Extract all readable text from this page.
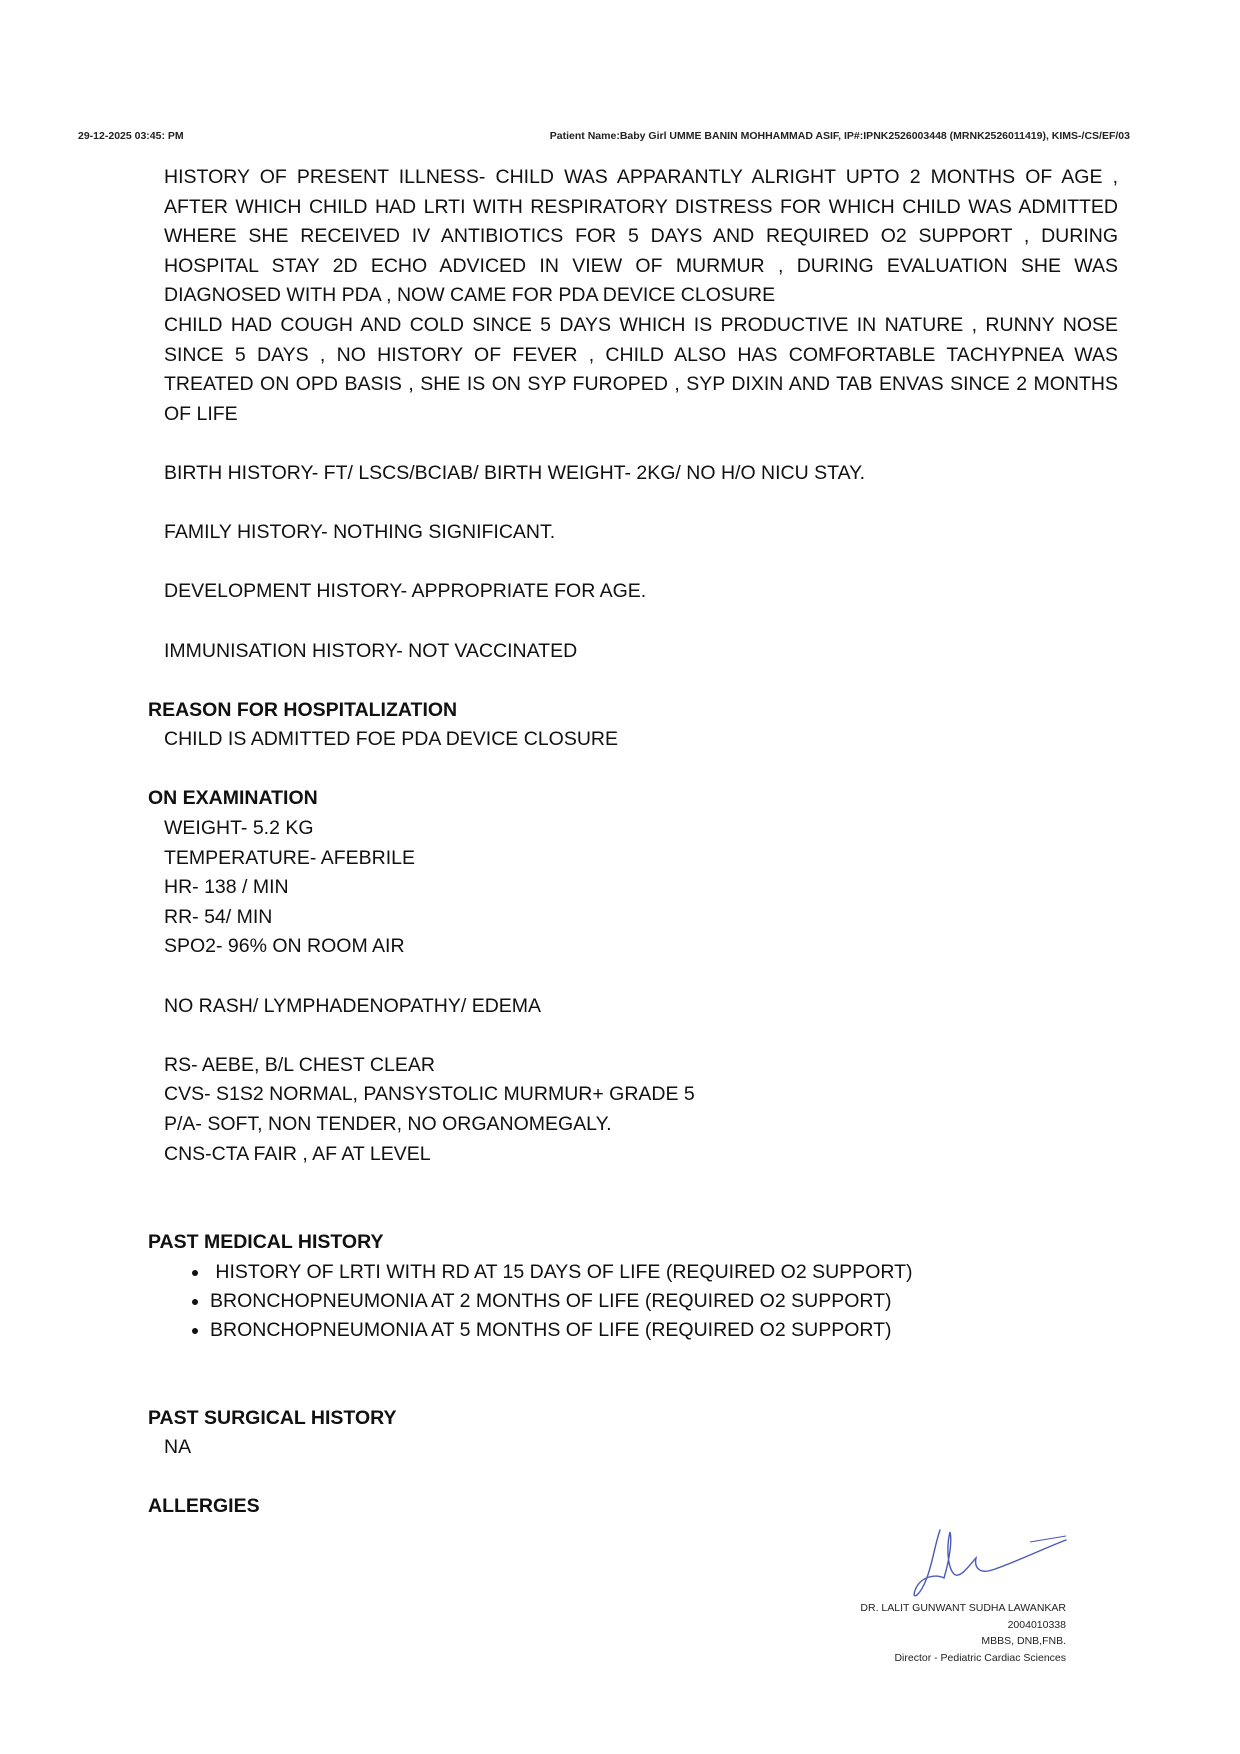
29-12-2025 03:45: PM	Patient Name:Baby Girl UMME BANIN MOHHAMMAD ASIF, IP#:IPNK2526003448 (MRNK2526011419), KIMS-/CS/EF/03

HISTORY OF PRESENT ILLNESS- CHILD WAS APPARANTLY ALRIGHT UPTO 2 MONTHS OF AGE , AFTER WHICH CHILD HAD LRTI WITH RESPIRATORY DISTRESS FOR WHICH CHILD WAS ADMITTED WHERE SHE RECEIVED IV ANTIBIOTICS FOR 5 DAYS AND REQUIRED O2 SUPPORT , DURING HOSPITAL STAY 2D ECHO ADVICED IN VIEW OF MURMUR , DURING EVALUATION SHE WAS DIAGNOSED WITH PDA , NOW CAME FOR PDA DEVICE CLOSURE

CHILD HAD COUGH AND COLD SINCE 5 DAYS WHICH IS PRODUCTIVE IN NATURE , RUNNY NOSE SINCE 5 DAYS , NO HISTORY OF FEVER , CHILD ALSO HAS COMFORTABLE TACHYPNEA WAS TREATED ON OPD BASIS , SHE IS ON SYP FUROPED , SYP DIXIN AND TAB ENVAS SINCE 2 MONTHS OF LIFE

BIRTH HISTORY- FT/ LSCS/BCIAB/ BIRTH WEIGHT- 2KG/ NO H/O NICU STAY.
FAMILY HISTORY- NOTHING SIGNIFICANT.
DEVELOPMENT HISTORY- APPROPRIATE FOR AGE.
IMMUNISATION HISTORY- NOT VACCINATED
REASON FOR HOSPITALIZATION
CHILD IS ADMITTED FOE PDA DEVICE CLOSURE
ON EXAMINATION
WEIGHT- 5.2 KG
TEMPERATURE- AFEBRILE
HR- 138 / MIN
RR- 54/ MIN
SPO2- 96% ON ROOM AIR
NO RASH/ LYMPHADENOPATHY/ EDEMA
RS- AEBE, B/L CHEST CLEAR
CVS- S1S2 NORMAL, PANSYSTOLIC MURMUR+ GRADE 5
P/A- SOFT, NON TENDER, NO ORGANOMEGALY.
CNS-CTA FAIR , AF AT LEVEL
PAST MEDICAL HISTORY
•  HISTORY OF LRTI WITH RD AT 15 DAYS OF LIFE (REQUIRED O2 SUPPORT)
• BRONCHOPNEUMONIA AT 2 MONTHS OF LIFE (REQUIRED O2 SUPPORT)
• BRONCHOPNEUMONIA AT 5 MONTHS OF LIFE (REQUIRED O2 SUPPORT)
PAST SURGICAL HISTORY
NA
ALLERGIES
DR. LALIT GUNWANT SUDHA LAWANKAR
2004010338
MBBS, DNB,FNB.
Director - Pediatric Cardiac Sciences
